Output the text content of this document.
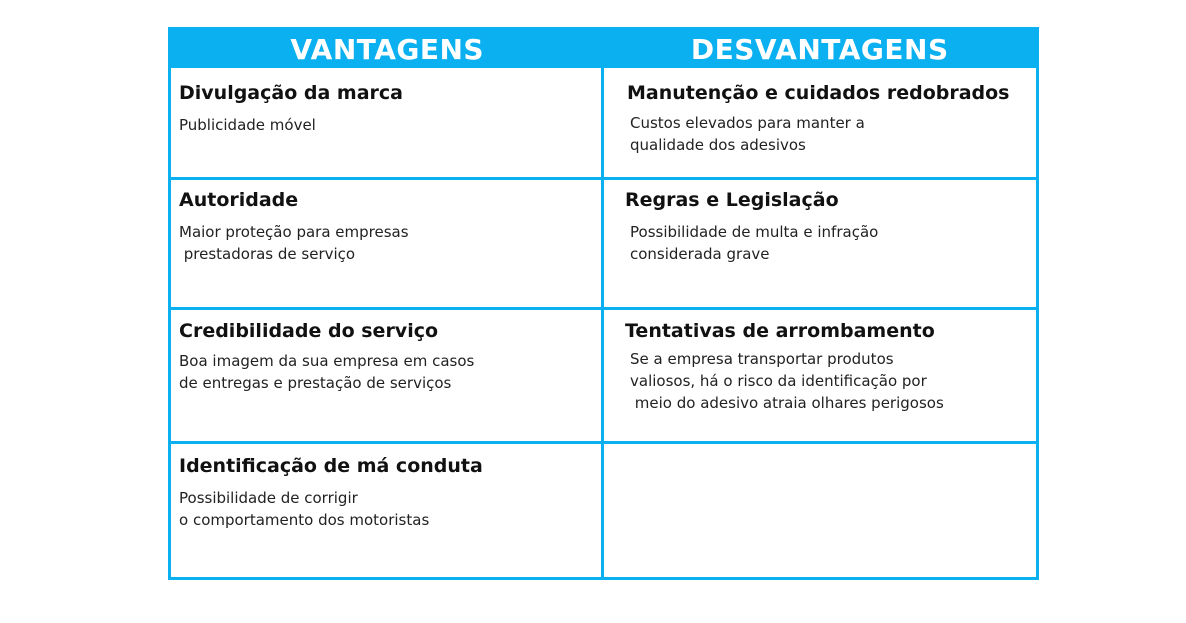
VANTAGENS	DESVANTAGENS

Divulgação da marca

Publicidade móvel

Autoridade

Maior proteção para empresas
prestadoras de serviço

Credibilidade do serviço

Boa imagem da sua empresa em casos
de entregas e prestação de serviços

Identificação de má conduta

Possibilidade de corrigir
o comportamento dos motoristas

Manutenção e cuidados redobrados

Custos elevados para manter a
qualidade dos adesivos

Regras e Legislação

Possibilidade de multa e infração
considerada grave

Tentativas de arrombamento

Se a empresa transportar produtos
valiosos, há o risco da identificação por
meio do adesivo atraia olhares perigosos
